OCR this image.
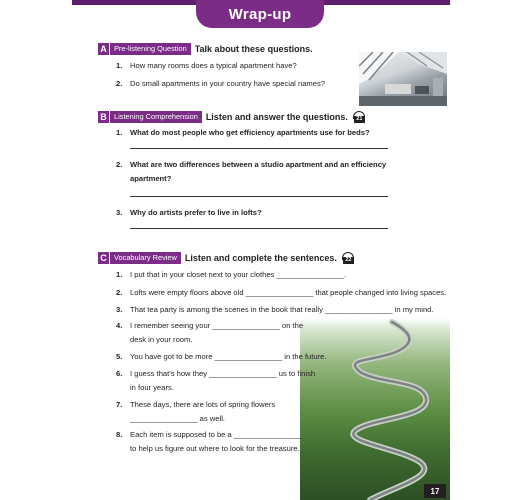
Wrap-up
A Pre-listening Question Talk about these questions.
1. How many rooms does a typical apartment have?
2. Do small apartments in your country have special names?
B Listening Comprehension Listen and answer the questions.	21
1. What do most people who get efficiency apartments use for beds?
2. What are two differences between a studio apartment and an efficiency
apartment?
3. Why do artists prefer to live in lofts?
C Vocabulary Review Listen and complete the sentences.	22
1. I put that in your closet next to your clothes ________________.
2. Lofts were empty floors above old ________________ that people changed into living spaces.
3. That tea party is among the scenes in the book that really ________________ in my mind.
4. I remember seeing your ________________ on the
desk in your room.
5. You have got to be more ________________ in the future.
6. I guess that's how they ________________ us to finish
in four years.
7. These days, there are lots of spring flowers
________________ as well.
8. Each item is supposed to be a ________________
to help us figure out where to look for the treasure.
17
